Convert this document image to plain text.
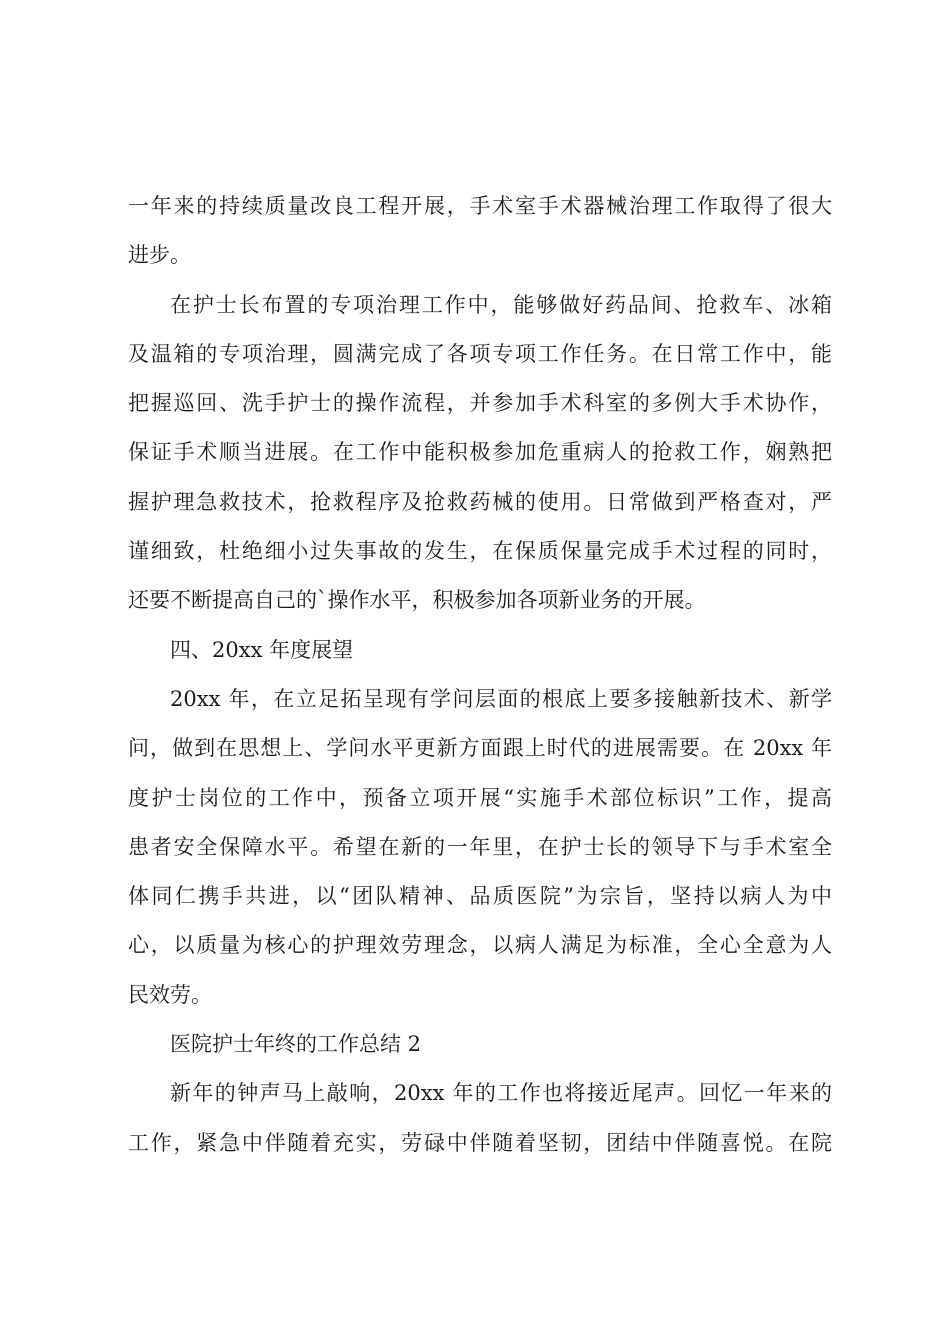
一年来的持续质量改良工程开展，手术室手术器械治理工作取得了很大
进步。

在护士长布置的专项治理工作中，能够做好药品间、抢救车、冰箱
及温箱的专项治理，圆满完成了各项专项工作任务。在日常工作中，能
把握巡回、洗手护士的操作流程，并参加手术科室的多例大手术协作，
保证手术顺当进展。在工作中能积极参加危重病人的抢救工作，娴熟把
握护理急救技术，抢救程序及抢救药械的使用。日常做到严格查对，严
谨细致，杜绝细小过失事故的发生，在保质保量完成手术过程的同时，
还要不断提高自己的`操作水平，积极参加各项新业务的开展。

四、20xx 年度展望

20xx 年，在立足拓呈现有学问层面的根底上要多接触新技术、新学
问，做到在思想上、学问水平更新方面跟上时代的进展需要。在 20xx 年
度护士岗位的工作中，预备立项开展“实施手术部位标识”工作，提高
患者安全保障水平。希望在新的一年里，在护士长的领导下与手术室全
体同仁携手共进，以“团队精神、品质医院”为宗旨，坚持以病人为中
心，以质量为核心的护理效劳理念，以病人满足为标准，全心全意为人
民效劳。

医院护士年终的工作总结 2

新年的钟声马上敲响，20xx 年的工作也将接近尾声。回忆一年来的
工作，紧急中伴随着充实，劳碌中伴随着坚韧，团结中伴随喜悦。在院
